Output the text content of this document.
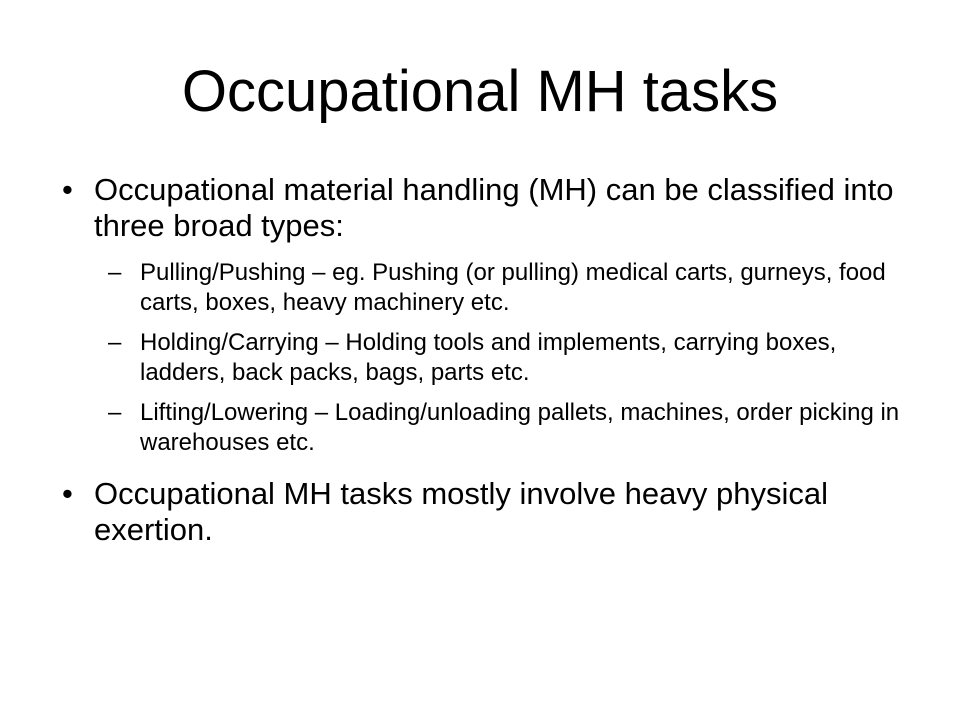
Occupational MH tasks
• Occupational material handling (MH) can be classified into three broad types:
– Pulling/Pushing – eg. Pushing (or pulling) medical carts, gurneys, food carts, boxes, heavy machinery etc.
– Holding/Carrying – Holding tools and implements, carrying boxes, ladders, back packs, bags, parts etc.
– Lifting/Lowering – Loading/unloading pallets, machines, order picking in warehouses etc.
• Occupational MH tasks mostly involve heavy physical exertion.
